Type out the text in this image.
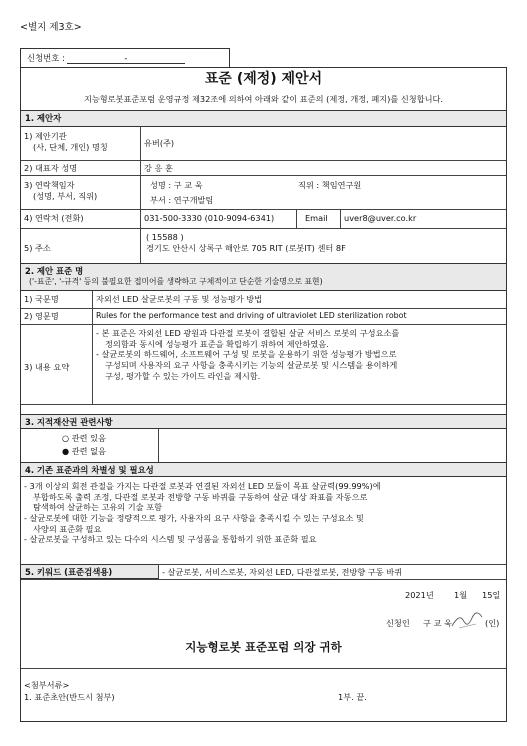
<별지 제3호>
신청번호 :	-
표준 (제정) 제안서
지능형로봇표준포럼 운영규정 제32조에 의하여 아래와 같이 표준의 (제정, 개정, 폐지)를 신청합니다.
1. 제안자
1) 제안기관
(사, 단체, 개인) 명칭	유버(주)
2) 대표자 성명	강 응 훈
3) 연락책임자
(성명, 부서, 직위)
성명 : 구 교 욱	직위 : 책임연구원
부서 : 연구개발팀
4) 연락처 (전화)	031-500-3330 (010-9094-6341)	Email uver8@uver.co.kr
5) 주소
( 15588 )
경기도 안산시 상록구 해안로 705 RIT (로봇IT) 센터 8F
2. 제안 표준 명
('-표준', '-규격' 등의 불필요한 접미어를 생략하고 구체적이고 단순한 기술명으로 표현)
1) 국문명	자외선 LED 살균로봇의 구동 및 성능평가 방법
2) 영문명	Rules for the performance test and driving of ultraviolet LED sterilization robot
3) 내용 요약
- 본 표준은 자외선 LED 광원과 다관절 로봇이 결합된 살균 서비스 로봇의 구성요소를
정의함과 동시에 성능평가 표준을 확립하기 위하여 제안하였음.
- 살균로봇의 하드웨어, 소프트웨어 구성 및 로봇을 운용하기 위한 성능평가 방법으로
구성되며 사용자의 요구 사항을 충족시키는 기능의 살균로봇 및 시스템을 용이하게
구성, 평가할 수 있는 가이드 라인을 제시함.
3. 지적재산권 관련사항
○ 관련 있음
● 관련 없음
4. 기존 표준과의 차별성 및 필요성
- 3개 이상의 회전 관절을 가지는 다관절 로봇과 연결된 자외선 LED 모듈이 목표 살균력(99.99%)에
부합하도록 출력 조정, 다관절 로봇과 전방향 구동 바퀴를 구동하여 살균 대상 좌표를 자동으로
탐색하여 살균하는 고유의 기술 포함
- 살균로봇에 대한 기능을 정량적으로 평가, 사용자의 요구 사항을 충족시킬 수 있는 구성요소 및
사양의 표준화 필요
- 살균로봇을 구성하고 있는 다수의 시스템 및 구성품을 통합하기 위한 표준화 필요
5. 키워드 (표준검색용)	- 살균로봇, 서비스로봇, 자외선 LED, 다관절로봇, 전방향 구동 바퀴
2021년 1월 15일
신청인 구 교 욱	(인)
지능형로봇 표준포럼 의장 귀하
<첨부서류>
1. 표준초안(반드시 첨부)	1부. 끝.
